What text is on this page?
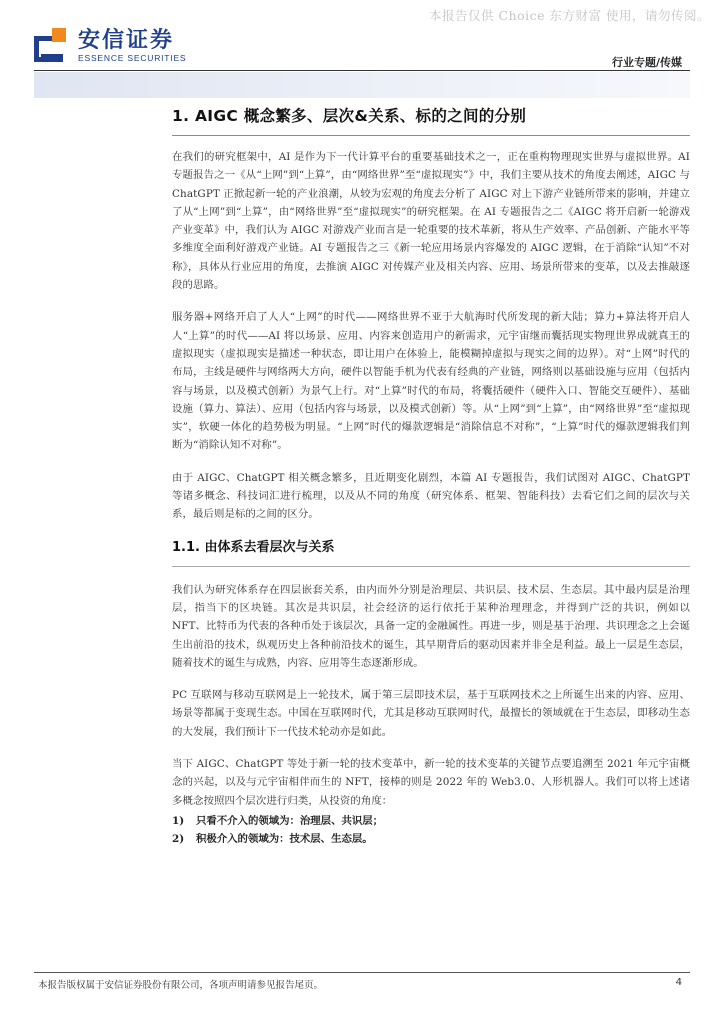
本报告仅供 Choice 东方财富 使用，请勿传阅。
安信证券
ESSENCE SECURITIES	行业专题/传媒
1. AIGC 概念繁多、层次&关系、标的之间的分别

在我们的研究框架中，AI 是作为下一代计算平台的重要基础技术之一，正在重构物理现实世界与虚拟世界。AI 专题报告之一《从“上网”到“上算”，由“网络世界”至“虚拟现实”》中，我们主要从技术的角度去阐述，AIGC 与 ChatGPT 正掀起新一轮的产业浪潮，从较为宏观的角度去分析了 AIGC 对上下游产业链所带来的影响，并建立了从“上网”到“上算”，由“网络世界”至“虚拟现实”的研究框架。在 AI 专题报告之二《AIGC 将开启新一轮游戏产业变革》中，我们认为 AIGC 对游戏产业而言是一轮重要的技术革新，将从生产效率、产品创新、产能水平等多维度全面利好游戏产业链。AI 专题报告之三《新一轮应用场景内容爆发的 AIGC 逻辑，在于消除“认知”不对称》，具体从行业应用的角度，去推演 AIGC 对传媒产业及相关内容、应用、场景所带来的变革，以及去推敲逐段的思路。

服务器+网络开启了人人“上网”的时代——网络世界不亚于大航海时代所发现的新大陆；算力+算法将开启人人“上算”的时代——AI 将以场景、应用、内容来创造用户的新需求，元宇宙继而囊括现实物理世界成就真王的虚拟现实（虚拟现实是描述一种状态，即让用户在体验上，能模糊掉虚拟与现实之间的边界）。对“上网”时代的布局，主线是硬件与网络两大方向，硬件以智能手机为代表有经典的产业链，网络则以基础设施与应用（包括内容与场景，以及模式创新）为景气上行。对“上算”时代的布局，将囊括硬件（硬件入口、智能交互硬件）、基础设施（算力、算法）、应用（包括内容与场景，以及模式创新）等。从“上网”到“上算”，由“网络世界”至“虚拟现实”，软硬一体化的趋势极为明显。“上网”时代的爆款逻辑是“消除信息不对称”，“上算”时代的爆款逻辑我们判断为“消除认知不对称”。

由于 AIGC、ChatGPT 相关概念繁多，且近期变化剧烈，本篇 AI 专题报告，我们试图对 AIGC、ChatGPT 等诸多概念、科技词汇进行梳理，以及从不同的角度（研究体系、框架、智能科技）去看它们之间的层次与关系，最后则是标的之间的区分。

1.1. 由体系去看层次与关系

我们认为研究体系存在四层嵌套关系，由内而外分别是治理层、共识层、技术层、生态层。其中最内层是治理层，指当下的区块链。其次是共识层，社会经济的运行依托于某种治理理念，并得到广泛的共识，例如以 NFT、比特币为代表的各种币处于该层次，具备一定的金融属性。再进一步，则是基于治理、共识理念之上会诞生出前沿的技术，纵观历史上各种前沿技术的诞生，其早期背后的驱动因素并非全是利益。最上一层是生态层，随着技术的诞生与成熟，内容、应用等生态逐渐形成。

PC 互联网与移动互联网是上一轮技术，属于第三层即技术层，基于互联网技术之上所诞生出来的内容、应用、场景等都属于变现生态。中国在互联网时代，尤其是移动互联网时代，最擅长的领域就在于生态层，即移动生态的大发展，我们预计下一代技术轮动亦是如此。

当下 AIGC、ChatGPT 等处于新一轮的技术变革中，新一轮的技术变革的关键节点要追溯至 2021 年元宇宙概念的兴起，以及与元宇宙相伴而生的 NFT，接棒的则是 2022 年的 Web3.0、人形机器人。我们可以将上述诸多概念按照四个层次进行归类，从投资的角度：

1)	只看不介入的领域为：治理层、共识层；
2)	积极介入的领域为：技术层、生态层。
本报告版权属于安信证券股份有限公司，各项声明请参见报告尾页。	4
